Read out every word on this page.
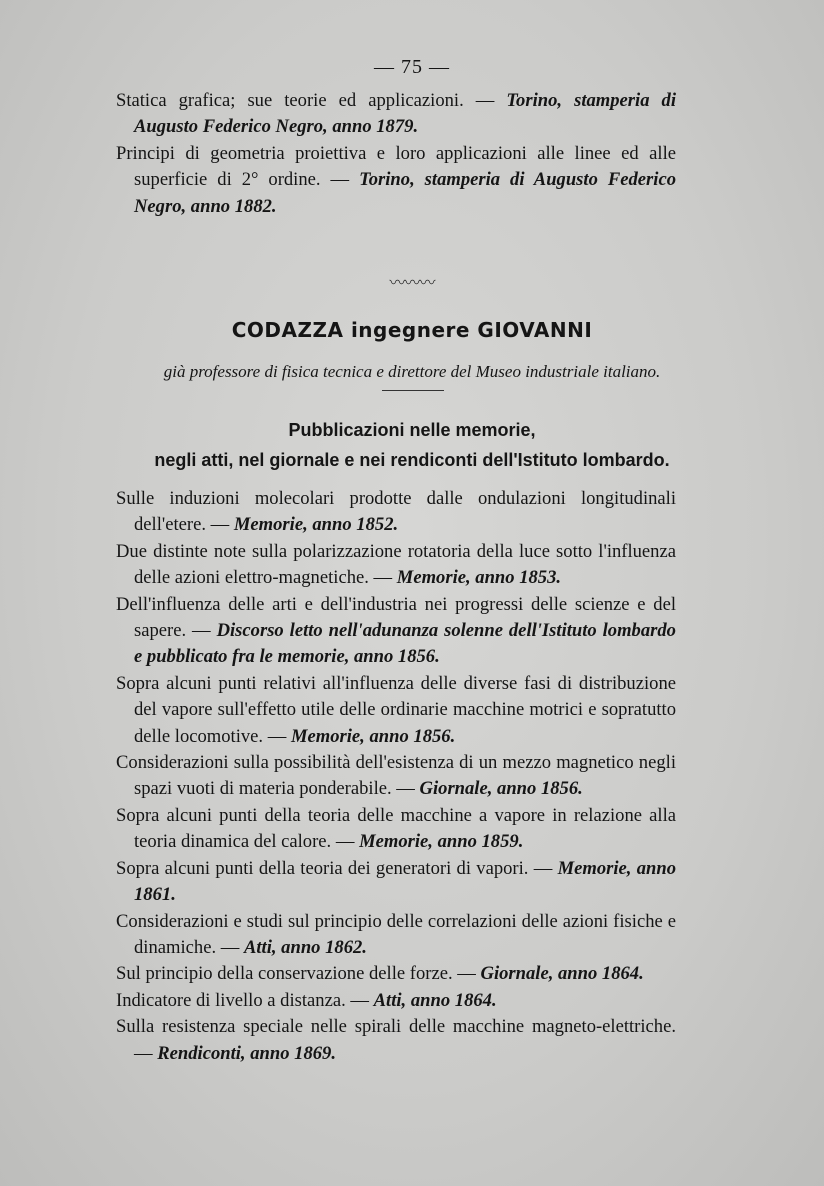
— 75 —

Statica grafica; sue teorie ed applicazioni. — Torino, stamperia di Augusto Federico Negro, anno 1879.

Principi di geometria proiettiva e loro applicazioni alle linee ed alle superficie di 2° ordine. — Torino, stamperia di Augusto Federico Negro, anno 1882.

〰〰〰
CODAZZA ingegnere GIOVANNI
già professore di fisica tecnica e direttore del Museo industriale italiano.
Pubblicazioni nelle memorie,
negli atti, nel giornale e nei rendiconti dell'Istituto lombardo.

Sulle induzioni molecolari prodotte dalle ondulazioni longitudinali dell'etere. — Memorie, anno 1852.

Due distinte note sulla polarizzazione rotatoria della luce sotto l'influenza delle azioni elettro-magnetiche. — Memorie, anno 1853.

Dell'influenza delle arti e dell'industria nei progressi delle scienze e del sapere. — Discorso letto nell'adunanza solenne dell'Istituto lombardo e pubblicato fra le memorie, anno 1856.

Sopra alcuni punti relativi all'influenza delle diverse fasi di distribuzione del vapore sull'effetto utile delle ordinarie macchine motrici e sopratutto delle locomotive. — Memorie, anno 1856.

Considerazioni sulla possibilità dell'esistenza di un mezzo magnetico negli spazi vuoti di materia ponderabile. — Giornale, anno 1856.

Sopra alcuni punti della teoria delle macchine a vapore in relazione alla teoria dinamica del calore. — Memorie, anno 1859.

Sopra alcuni punti della teoria dei generatori di vapori. — Memorie, anno 1861.

Considerazioni e studi sul principio delle correlazioni delle azioni fisiche e dinamiche. — Atti, anno 1862.

Sul principio della conservazione delle forze. — Giornale, anno 1864.

Indicatore di livello a distanza. — Atti, anno 1864.

Sulla resistenza speciale nelle spirali delle macchine magneto-elettriche. — Rendiconti, anno 1869.
